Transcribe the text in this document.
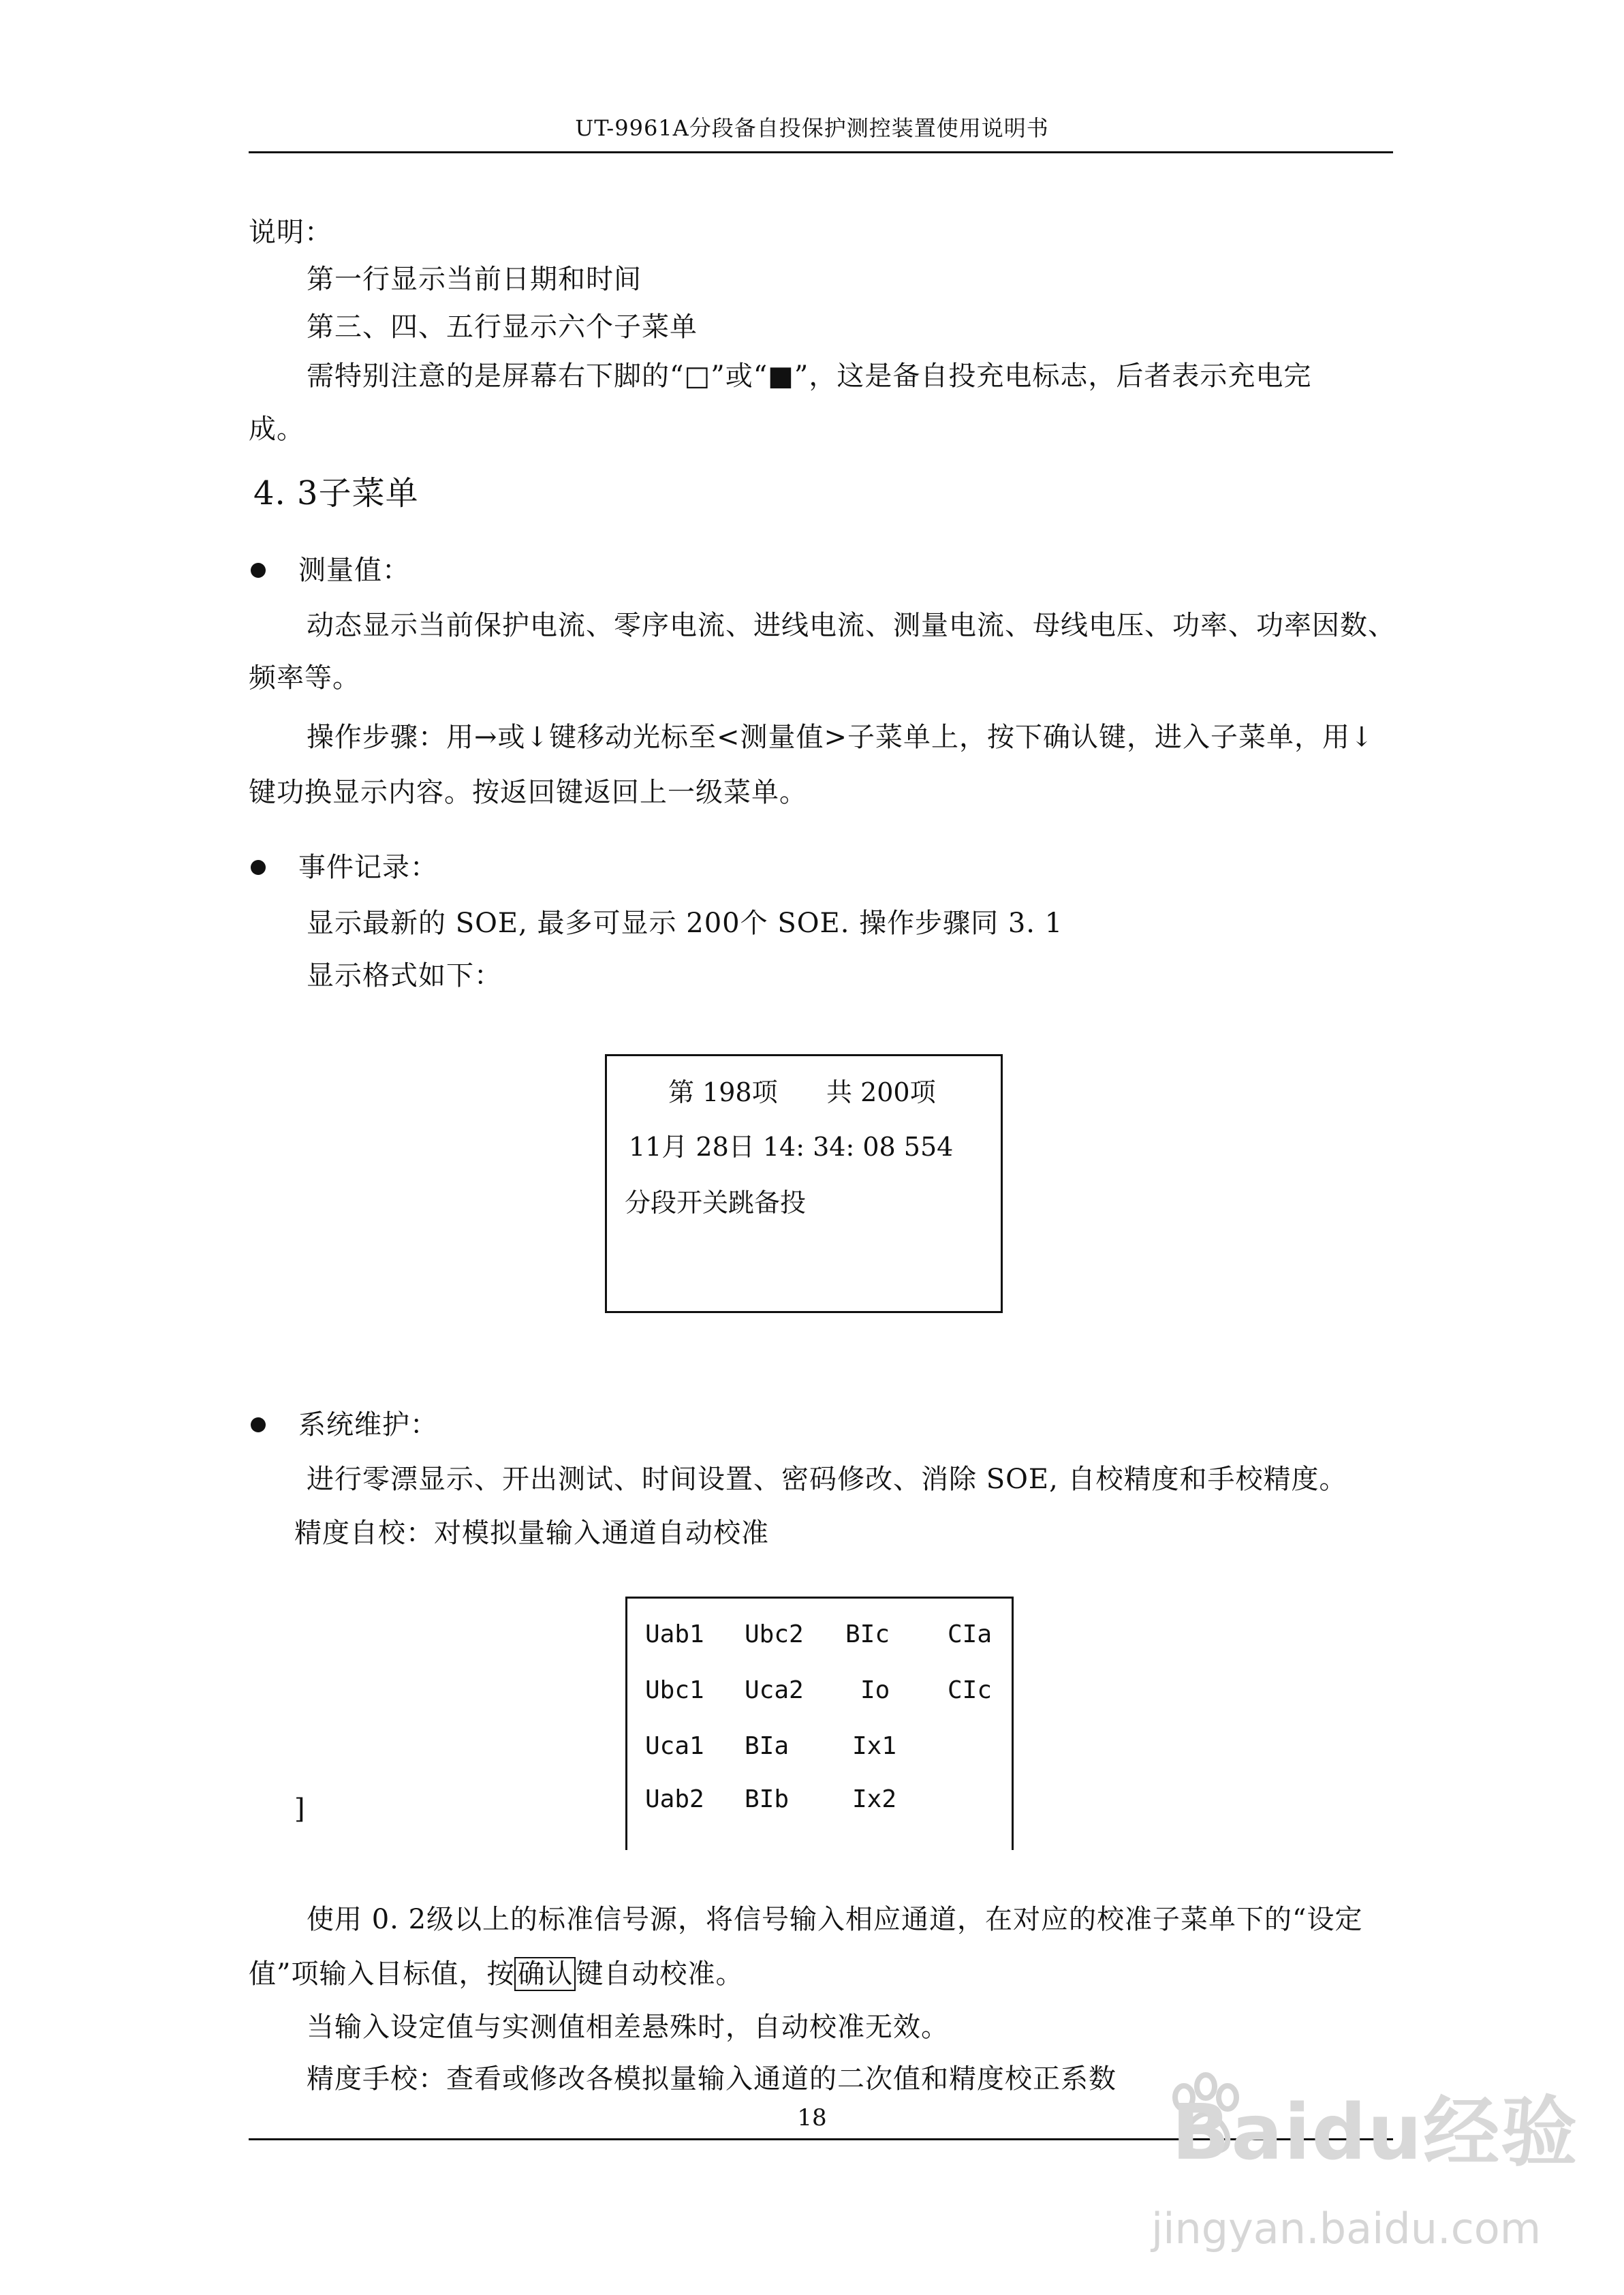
UT-9961A分段备自投保护测控装置使用说明书
说明：
第一行显示当前日期和时间
第三、四、五行显示六个子菜单
需特别注意的是屏幕右下脚的“□”或“■”，这是备自投充电标志，后者表示充电完
成。
4. 3子菜单
测量值：
动态显示当前保护电流、零序电流、进线电流、测量电流、母线电压、功率、功率因数、
频率等。
操作步骤：用→或↓键移动光标至<测量值>子菜单上，按下确认键，进入子菜单，用↓
键功换显示内容。按返回键返回上一级菜单。
事件记录：
显示最新的 SOE, 最多可显示 200个 SOE. 操作步骤同 3. 1
显示格式如下：
第 198项 共 200项
11月 28日 14: 34: 08 554
分段开关跳备投
系统维护：
进行零漂显示、开出测试、时间设置、密码修改、消除 SOE, 自校精度和手校精度。
精度自校：对模拟量输入通道自动校准
Uab1 Ubc2 BIc CIa
Ubc1 Uca2 Io CIc
Uca1 BIa	Ix1
Uab2 BIb	Ix2
]
使用 0. 2级以上的标准信号源，将信号输入相应通道，在对应的校准子菜单下的“设定
值”项输入目标值，按 确认 键自动校准。
当输入设定值与实测值相差悬殊时，自动校准无效。
精度手校：查看或修改各模拟量输入通道的二次值和精度校正系数
18	Baidu经验
jingyan.baidu.com
